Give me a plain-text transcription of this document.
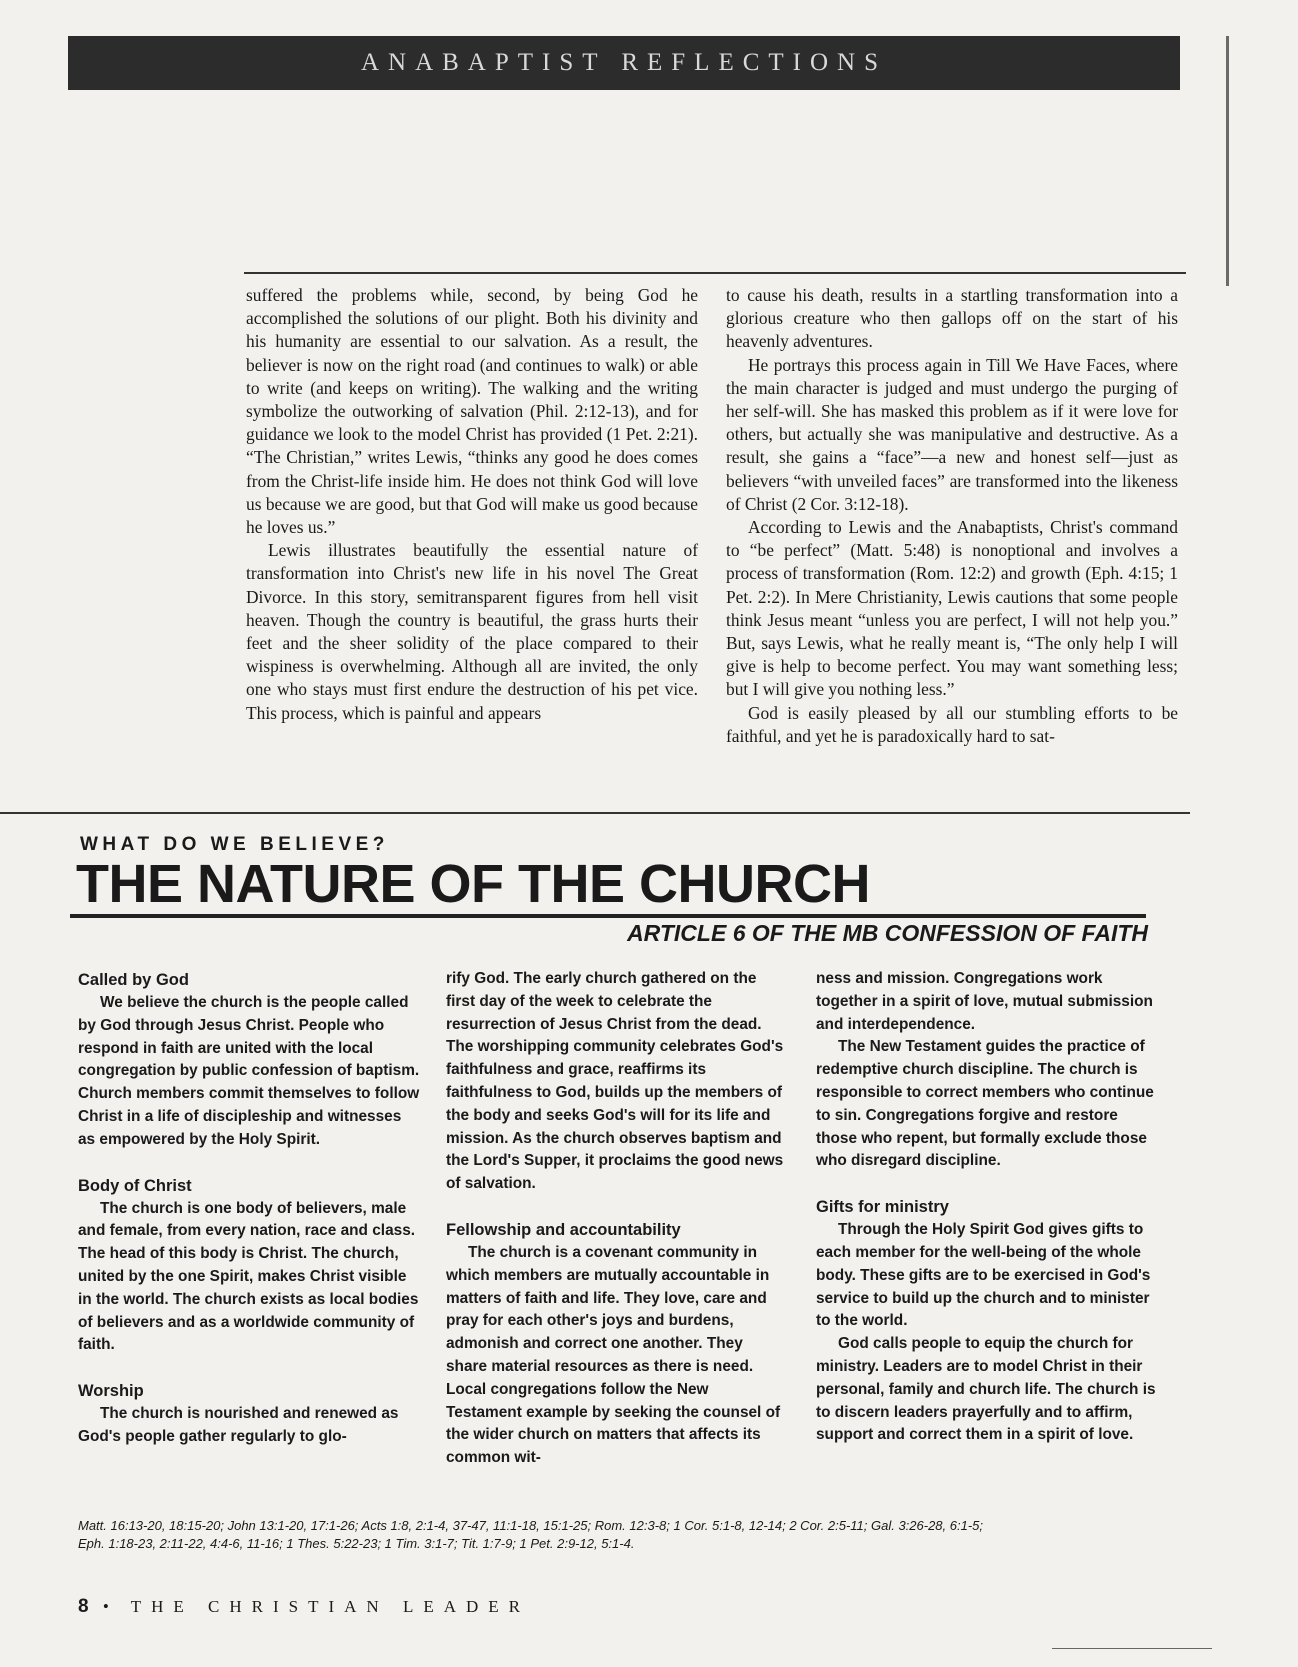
ANABAPTIST REFLECTIONS

suffered the problems while, second, by being God he accomplished the solutions of our plight. Both his divinity and his humanity are essential to our salvation. As a result, the believer is now on the right road (and continues to walk) or able to write (and keeps on writing). The walking and the writing symbolize the outworking of salvation (Phil. 2:12-13), and for guidance we look to the model Christ has provided (1 Pet. 2:21). “The Christian,” writes Lewis, “thinks any good he does comes from the Christ-life inside him. He does not think God will love us because we are good, but that God will make us good because he loves us.”

Lewis illustrates beautifully the essential nature of transformation into Christ's new life in his novel The Great Divorce. In this story, semitransparent figures from hell visit heaven. Though the country is beautiful, the grass hurts their feet and the sheer solidity of the place compared to their wispiness is overwhelming. Although all are invited, the only one who stays must first endure the destruction of his pet vice. This process, which is painful and appears

to cause his death, results in a startling transformation into a glorious creature who then gallops off on the start of his heavenly adventures.

He portrays this process again in Till We Have Faces, where the main character is judged and must undergo the purging of her self-will. She has masked this problem as if it were love for others, but actually she was manipulative and destructive. As a result, she gains a “face”—a new and honest self—just as believers “with unveiled faces” are transformed into the likeness of Christ (2 Cor. 3:12-18).

According to Lewis and the Anabaptists, Christ's command to “be perfect” (Matt. 5:48) is nonoptional and involves a process of transformation (Rom. 12:2) and growth (Eph. 4:15; 1 Pet. 2:2). In Mere Christianity, Lewis cautions that some people think Jesus meant “unless you are perfect, I will not help you.” But, says Lewis, what he really meant is, “The only help I will give is help to become perfect. You may want something less; but I will give you nothing less.”

God is easily pleased by all our stumbling efforts to be faithful, and yet he is paradoxically hard to sat-

WHAT DO WE BELIEVE?
THE NATURE OF THE CHURCH
ARTICLE 6 OF THE MB CONFESSION OF FAITH
Called by God

We believe the church is the people called by God through Jesus Christ. People who respond in faith are united with the local congregation by public confession of baptism. Church members commit themselves to follow Christ in a life of discipleship and witnesses as empowered by the Holy Spirit.

Body of Christ

The church is one body of believers, male and female, from every nation, race and class. The head of this body is Christ. The church, united by the one Spirit, makes Christ visible in the world. The church exists as local bodies of believers and as a worldwide community of faith.

Worship

The church is nourished and renewed as God's people gather regularly to glo-

rify God. The early church gathered on the first day of the week to celebrate the resurrection of Jesus Christ from the dead. The worshipping community celebrates God's faithfulness and grace, reaffirms its faithfulness to God, builds up the members of the body and seeks God's will for its life and mission. As the church observes baptism and the Lord's Supper, it proclaims the good news of salvation.

Fellowship and accountability

The church is a covenant community in which members are mutually accountable in matters of faith and life. They love, care and pray for each other's joys and burdens, admonish and correct one another. They share material resources as there is need. Local congregations follow the New Testament example by seeking the counsel of the wider church on matters that affects its common wit-

ness and mission. Congregations work together in a spirit of love, mutual submission and interdependence.

The New Testament guides the practice of redemptive church discipline. The church is responsible to correct members who continue to sin. Congregations forgive and restore those who repent, but formally exclude those who disregard discipline.

Gifts for ministry

Through the Holy Spirit God gives gifts to each member for the well-being of the whole body. These gifts are to be exercised in God's service to build up the church and to minister to the world.

God calls people to equip the church for ministry. Leaders are to model Christ in their personal, family and church life. The church is to discern leaders prayerfully and to affirm, support and correct them in a spirit of love.

Matt. 16:13-20, 18:15-20; John 13:1-20, 17:1-26; Acts 1:8, 2:1-4, 37-47, 11:1-18, 15:1-25; Rom. 12:3-8; 1 Cor. 5:1-8, 12-14; 2 Cor. 2:5-11; Gal. 3:26-28, 6:1-5;

Eph. 1:18-23, 2:11-22, 4:4-6, 11-16; 1 Thes. 5:22-23; 1 Tim. 3:1-7; Tit. 1:7-9; 1 Pet. 2:9-12, 5:1-4.

8 • THE CHRISTIAN LEADER
